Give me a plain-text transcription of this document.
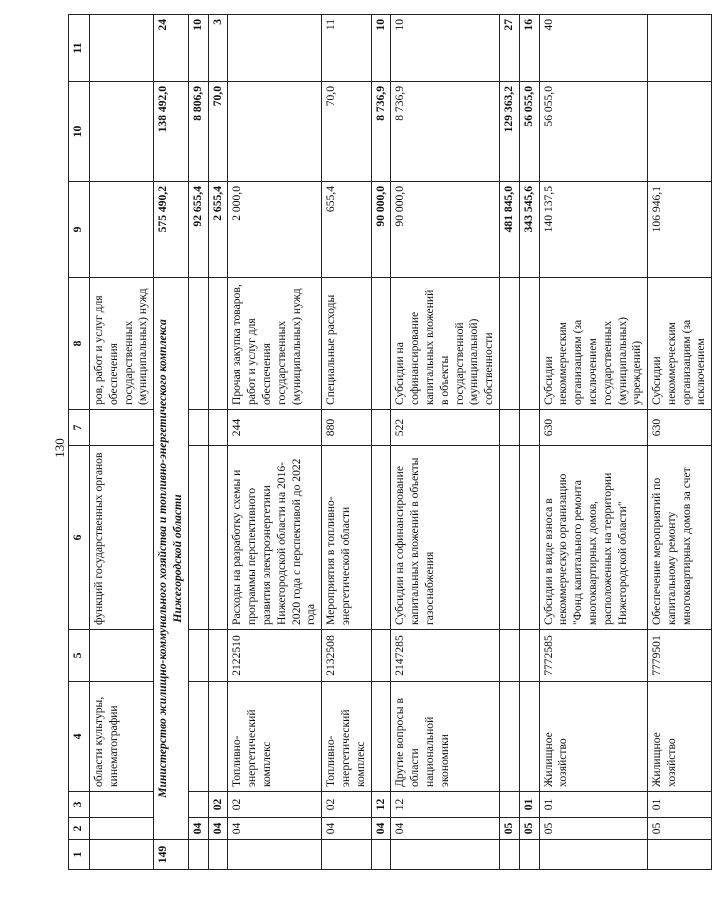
130
1	2	3	4	5	6	7	8	9	10	11
			области культуры, кинематографии		функций государственных органов		ров, работ и услуг для обеспечения государственных (муниципальных) нужд			
149	Министерство жилищно-коммунального хозяйства и топливно-энергетического комплекса Нижегородской области							575 490,2	138 492,0	24
	04							92 655,4	8 806,9	10
	04	02						2 655,4	70,0	3
	04	02	Топливно-энергетический комплекс	2122510	Расходы на разработку схемы и программы перспективного развития электроэнергетики Нижегородской области на 2016-2020 года с перспективой до 2022 года	244	Прочая закупка товаров, работ и услуг для обеспечения государственных (муниципальных) нужд	2 000,0		
	04	02	Топливно-энергетический комплекс	2132508	Мероприятия в топливно-энергетической области	880	Специальные расходы	655,4	70,0	11
	04	12						90 000,0	8 736,9	10
	04	12	Другие вопросы в области национальной экономики	2147285	Субсидии на софинансирование капитальных вложений в объекты газоснабжения	522	Субсидии на софинансирование капитальных вложений в объекты государственной (муниципальной) собственности	90 000,0	8 736,9	10
	05							481 845,0	129 363,2	27
	05	01						343 545,6	56 055,0	16
	05	01	Жилищное хозяйство	7772585	Субсидии в виде взноса в некоммерческую организацию "Фонд капитального ремонта многоквартирных домов, расположенных на территории Нижегородской области"	630	Субсидии некоммерческим организациям (за исключением государственных (муниципальных) учреждений)	140 137,5	56 055,0	40
	05	01	Жилищное хозяйство	7779501	Обеспечение мероприятий по капитальному ремонту многоквартирных домов за счет	630	Субсидии некоммерческим организациям (за исключением	106 946,1		
